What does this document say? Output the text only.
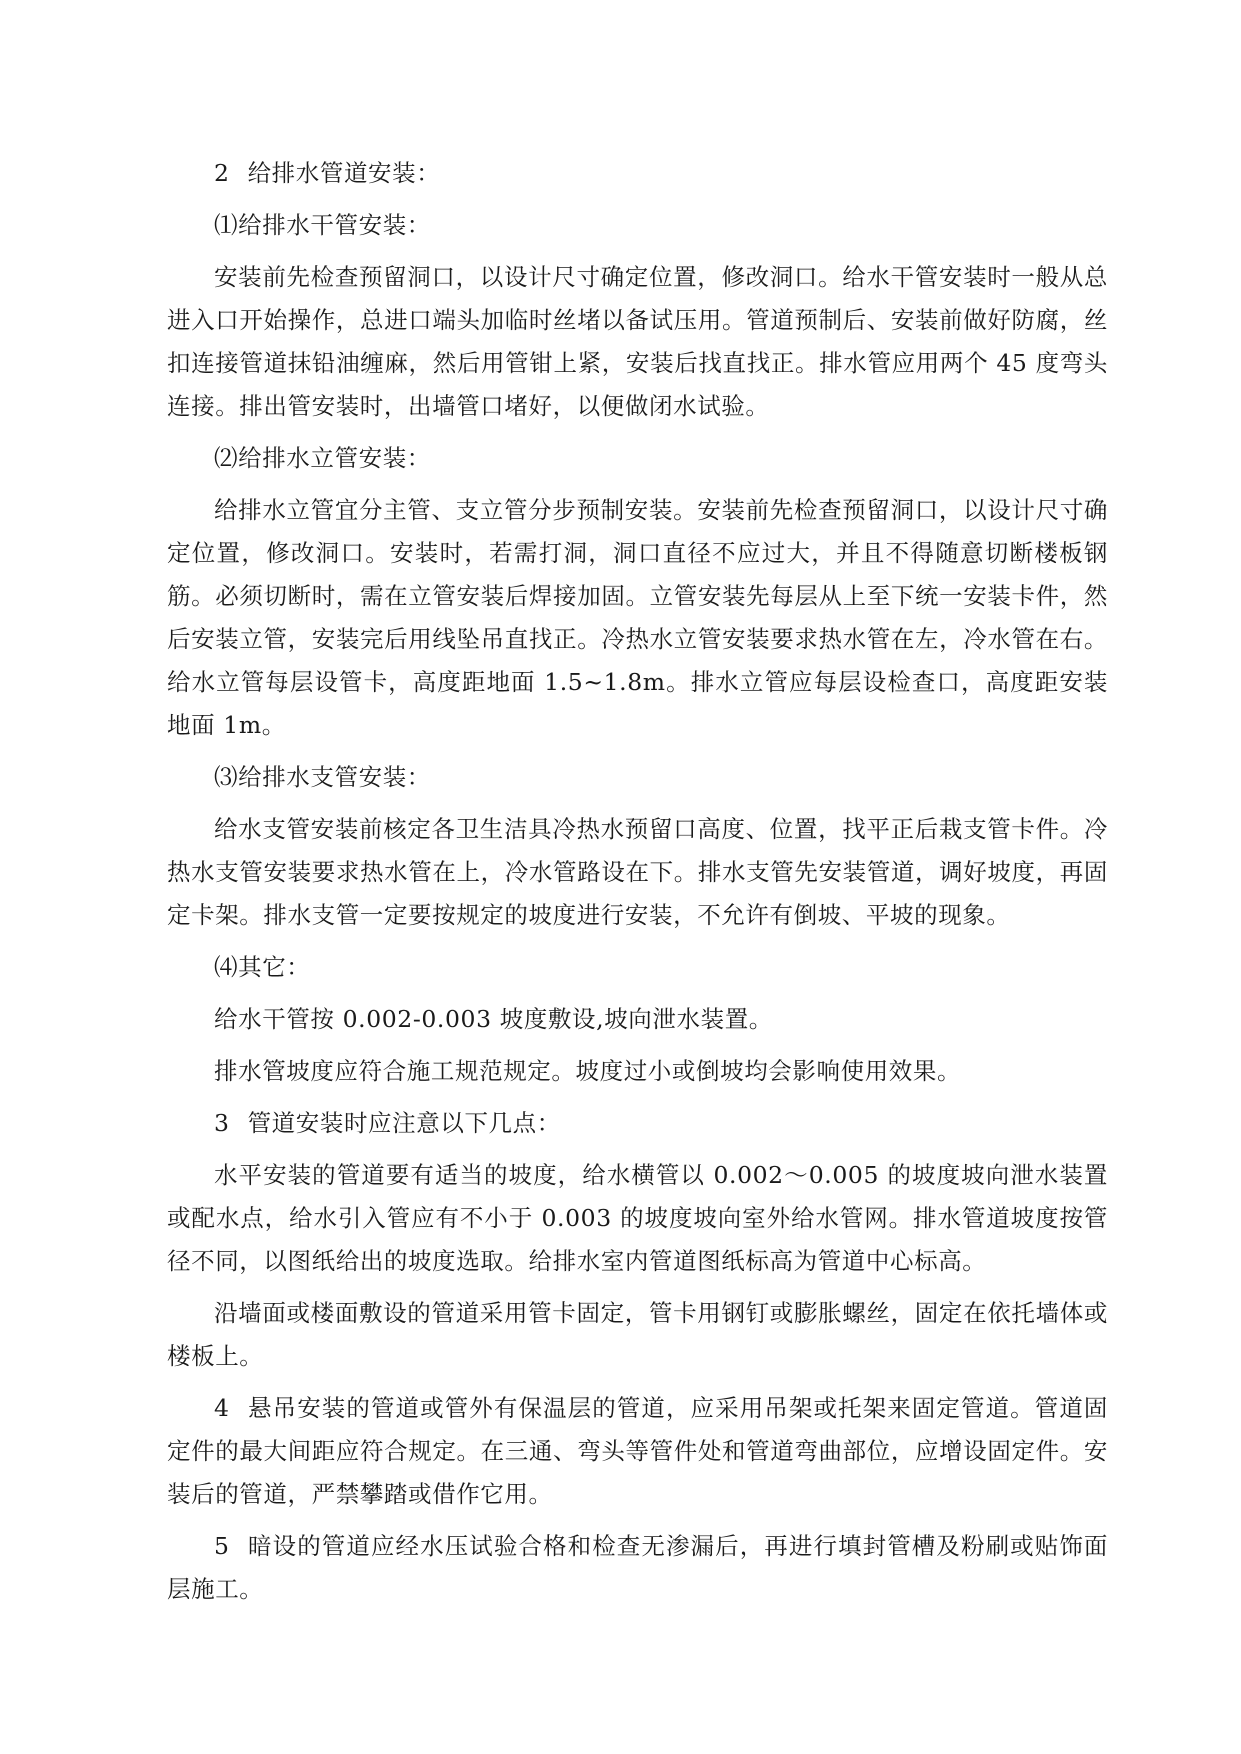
2 给排水管道安装：

⑴给排水干管安装：

安装前先检查预留洞口，以设计尺寸确定位置，修改洞口。给水干管安装时一般从总进入口开始操作，总进口端头加临时丝堵以备试压用。管道预制后、安装前做好防腐，丝扣连接管道抹铅油缠麻，然后用管钳上紧，安装后找直找正。排水管应用两个 45 度弯头连接。排出管安装时，出墙管口堵好，以便做闭水试验。

⑵给排水立管安装：

给排水立管宜分主管、支立管分步预制安装。安装前先检查预留洞口，以设计尺寸确定位置，修改洞口。安装时，若需打洞，洞口直径不应过大，并且不得随意切断楼板钢筋。必须切断时，需在立管安装后焊接加固。立管安装先每层从上至下统一安装卡件，然后安装立管，安装完后用线坠吊直找正。冷热水立管安装要求热水管在左，冷水管在右。给水立管每层设管卡，高度距地面 1.5~1.8m。排水立管应每层设检查口，高度距安装地面 1m。

⑶给排水支管安装：

给水支管安装前核定各卫生洁具冷热水预留口高度、位置，找平正后栽支管卡件。冷热水支管安装要求热水管在上，冷水管路设在下。排水支管先安装管道，调好坡度，再固定卡架。排水支管一定要按规定的坡度进行安装，不允许有倒坡、平坡的现象。

⑷其它：

给水干管按 0.002-0.003 坡度敷设,坡向泄水装置。

排水管坡度应符合施工规范规定。坡度过小或倒坡均会影响使用效果。

3 管道安装时应注意以下几点：

水平安装的管道要有适当的坡度，给水横管以 0.002～0.005 的坡度坡向泄水装置或配水点，给水引入管应有不小于 0.003 的坡度坡向室外给水管网。排水管道坡度按管径不同，以图纸给出的坡度选取。给排水室内管道图纸标高为管道中心标高。

沿墙面或楼面敷设的管道采用管卡固定，管卡用钢钉或膨胀螺丝，固定在依托墙体或楼板上。

4 悬吊安装的管道或管外有保温层的管道，应采用吊架或托架来固定管道。管道固定件的最大间距应符合规定。在三通、弯头等管件处和管道弯曲部位，应增设固定件。安装后的管道，严禁攀踏或借作它用。

5 暗设的管道应经水压试验合格和检查无渗漏后，再进行填封管槽及粉刷或贴饰面层施工。
